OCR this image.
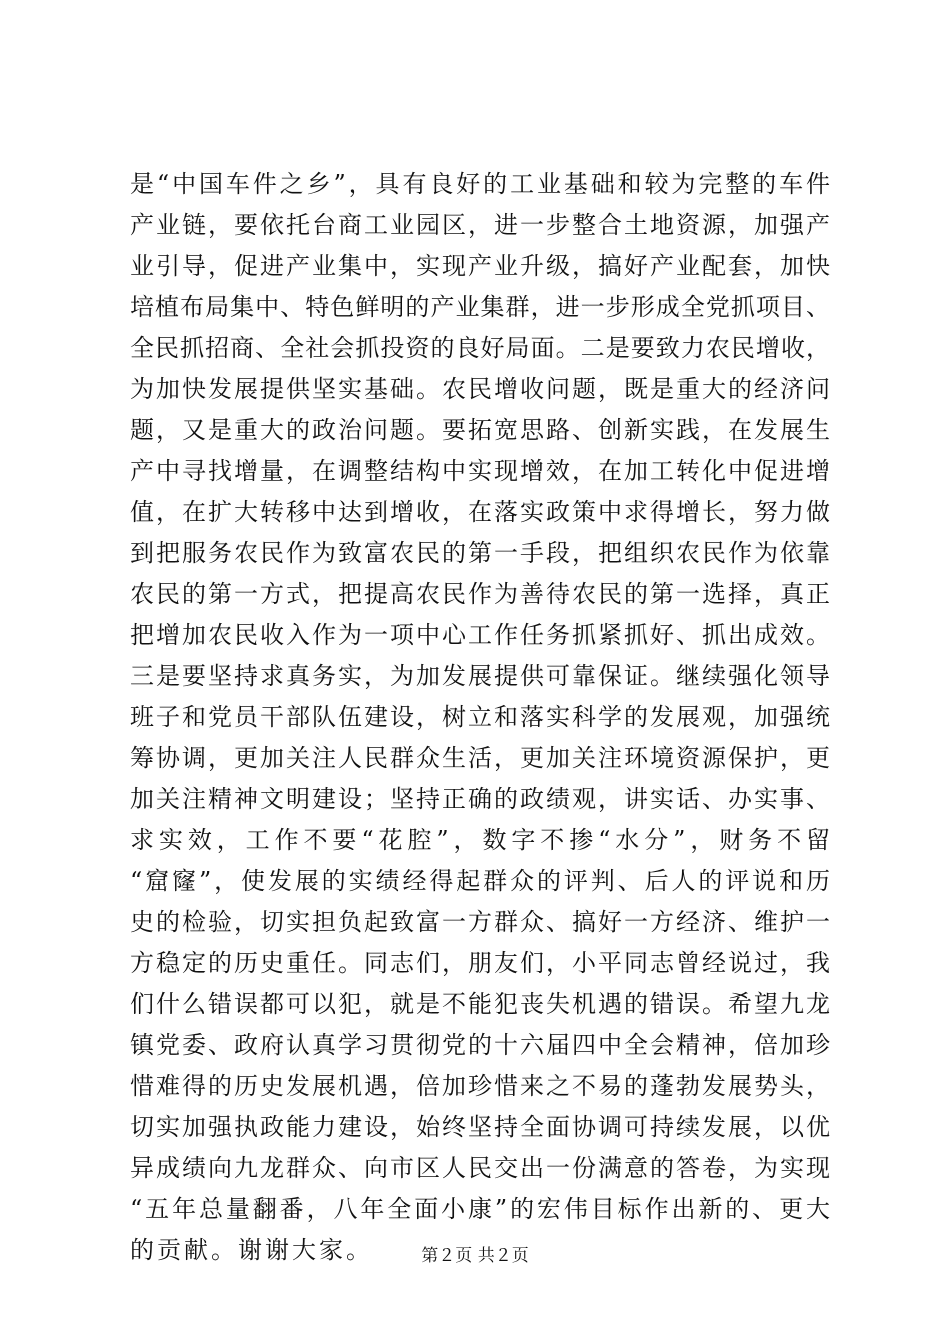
是“中国车件之乡”，具有良好的工业基础和较为完整的车件
产业链，要依托台商工业园区，进一步整合土地资源，加强产
业引导，促进产业集中，实现产业升级，搞好产业配套，加快
培植布局集中、特色鲜明的产业集群，进一步形成全党抓项目、
全民抓招商、全社会抓投资的良好局面。二是要致力农民增收，
为加快发展提供坚实基础。农民增收问题，既是重大的经济问
题，又是重大的政治问题。要拓宽思路、创新实践，在发展生
产中寻找增量，在调整结构中实现增效，在加工转化中促进增
值，在扩大转移中达到增收，在落实政策中求得增长，努力做
到把服务农民作为致富农民的第一手段，把组织农民作为依靠
农民的第一方式，把提高农民作为善待农民的第一选择，真正
把增加农民收入作为一项中心工作任务抓紧抓好、抓出成效。
三是要坚持求真务实，为加发展提供可靠保证。继续强化领导
班子和党员干部队伍建设，树立和落实科学的发展观，加强统
筹协调，更加关注人民群众生活，更加关注环境资源保护，更
加关注精神文明建设；坚持正确的政绩观，讲实话、办实事、
求实效，工作不要“花腔”，数字不掺“水分”，财务不留
“窟窿”，使发展的实绩经得起群众的评判、后人的评说和历
史的检验，切实担负起致富一方群众、搞好一方经济、维护一
方稳定的历史重任。同志们，朋友们，小平同志曾经说过，我
们什么错误都可以犯，就是不能犯丧失机遇的错误。希望九龙
镇党委、政府认真学习贯彻党的十六届四中全会精神，倍加珍
惜难得的历史发展机遇，倍加珍惜来之不易的蓬勃发展势头，
切实加强执政能力建设，始终坚持全面协调可持续发展，以优
异成绩向九龙群众、向市区人民交出一份满意的答卷，为实现
“五年总量翻番，八年全面小康”的宏伟目标作出新的、更大
的贡献。谢谢大家。	第２页 共２页
